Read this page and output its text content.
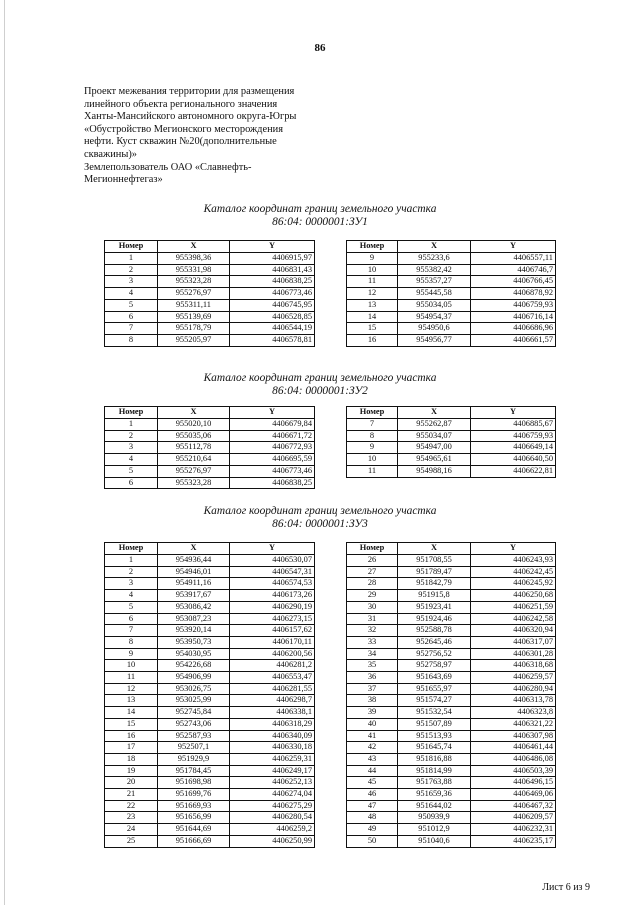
86
Проект межевания территории для размещения
линейного объекта регионального значения
Ханты-Мансийского автономного округа-Югры
«Обустройство Мегионского месторождения
нефти. Куст скважин №20(дополнительные
скважины)»
Землепользователь ОАО «Славнефть-
Мегионнефтегаз»
Каталог координат границ земельного участка
86:04: 0000001:ЗУ1
Номер	X	Y
1	955398,36	4406915,97
2	955331,98	4406831,43
3	955323,28	4406838,25
4	955276,97	4406773,46
5	955311,11	4406745,95
6	955139,69	4406528,85
7	955178,79	4406544,19
8	955205,97	4406578,81
Номер	X	Y
9	955233,6	4406557,11
10	955382,42	4406746,7
11	955357,27	4406766,45
12	955445,58	4406878,92
13	955034,05	4406759,93
14	954954,37	4406716,14
15	954950,6	4406686,96
16	954956,77	4406661,57
Каталог координат границ земельного участка
86:04: 0000001:ЗУ2
Номер	X	Y
1	955020,10	4406679,84
2	955035,06	4406671,72
3	955112,78	4406772,93
4	955210,64	4406695,59
5	955276,97	4406773,46
6	955323,28	4406838,25
Номер	X	Y
7	955262,87	4406885,67
8	955034,07	4406759,93
9	954947,00	4406649,14
10	954965,61	4406640,50
11	954988,16	4406622,81
Каталог координат границ земельного участка
86:04: 0000001:ЗУ3
Номер	X	Y
1	954936,44	4406530,07
2	954946,01	4406547,31
3	954911,16	4406574,53
4	953917,67	4406173,26
5	953086,42	4406290,19
6	953087,23	4406273,15
7	953920,14	4406157,62
8	953950,73	4406170,11
9	954030,95	4406200,56
10	954226,68	4406281,2
11	954906,99	4406553,47
12	953026,75	4406281,55
13	953025,99	4406298,7
14	952745,84	4406338,1
15	952743,06	4406318,29
16	952587,93	4406340,09
17	952507,1	4406330,18
18	951929,9	4406259,31
19	951784,45	4406249,17
20	951698,98	4406252,13
21	951699,76	4406274,04
22	951669,93	4406275,29
23	951656,99	4406280,54
24	951644,69	4406259,2
25	951666,69	4406250,99
Номер	X	Y
26	951708,55	4406243,93
27	951789,47	4406242,45
28	951842,79	4406245,92
29	951915,8	4406250,68
30	951923,41	4406251,59
31	951924,46	4406242,58
32	952588,78	4406320,94
33	952645,46	4406317,07
34	952756,52	4406301,28
35	952758,97	4406318,68
36	951643,69	4406259,57
37	951655,97	4406280,94
38	951574,27	4406313,78
39	951532,54	4406323,8
40	951507,89	4406321,22
41	951513,93	4406307,98
42	951645,74	4406461,44
43	951816,88	4406486,08
44	951814,99	4406503,39
45	951763,88	4406496,15
46	951659,36	4406469,06
47	951644,02	4406467,32
48	950939,9	4406209,57
49	951012,9	4406232,31
50	951040,6	4406235,17
Лист 6 из 9
